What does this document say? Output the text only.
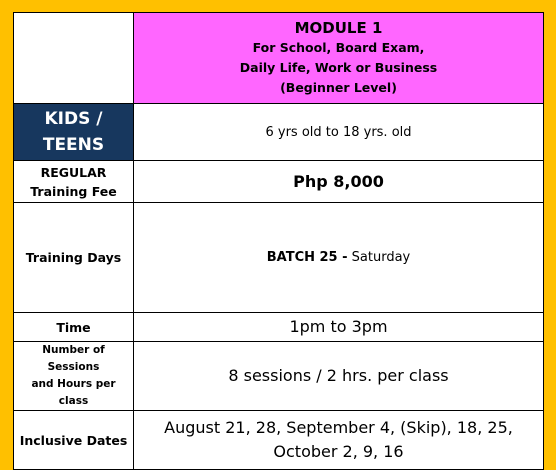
	MODULE 1
For School, Board Exam,
Daily Life, Work or Business
(Beginner Level)

KIDS /
TEENS	6 yrs old to 18 yrs. old
REGULAR
Training Fee	Php 8,000
Training Days	BATCH 25 - Saturday
Time	1pm to 3pm
Number of Sessions
and Hours per class	8 sessions / 2 hrs. per class
Inclusive Dates	August 21, 28, September 4, (Skip), 18, 25,
October 2, 9, 16
